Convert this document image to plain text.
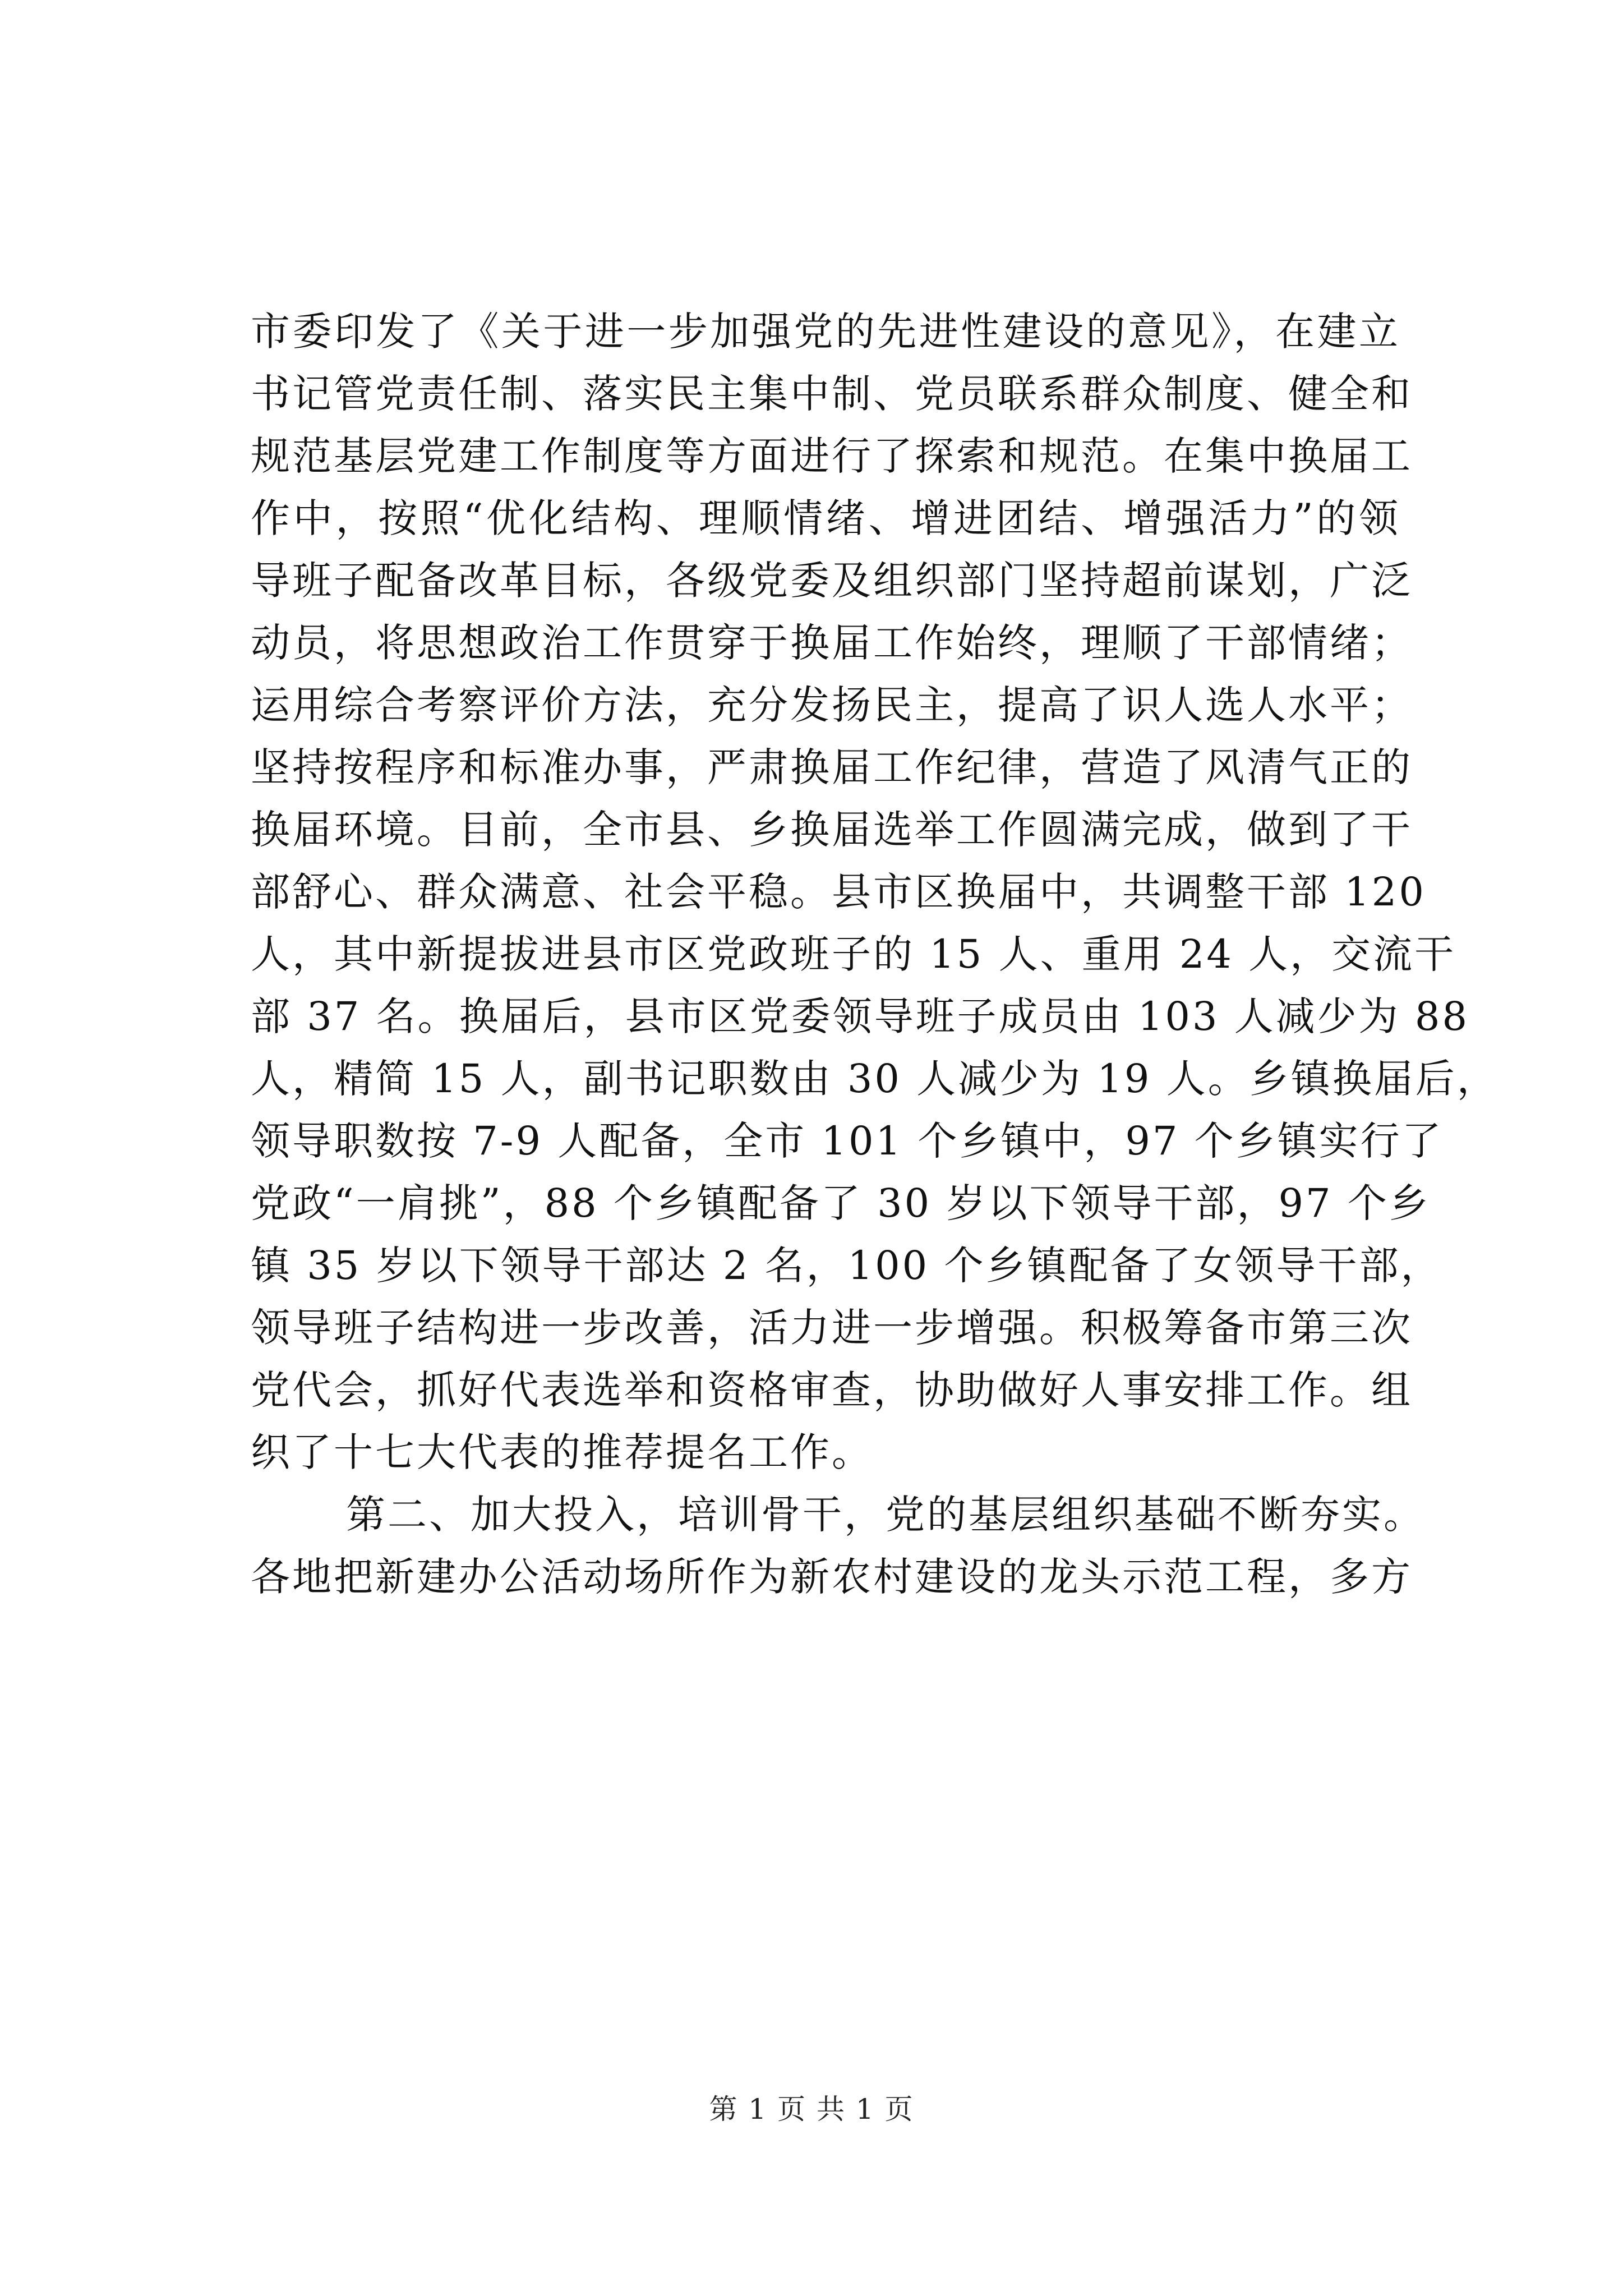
市委印发了《关于进一步加强党的先进性建设的意见》，在建立
书记管党责任制、落实民主集中制、党员联系群众制度、健全和
规范基层党建工作制度等方面进行了探索和规范。在集中换届工
作中，按照“优化结构、理顺情绪、增进团结、增强活力”的领
导班子配备改革目标，各级党委及组织部门坚持超前谋划，广泛
动员，将思想政治工作贯穿于换届工作始终，理顺了干部情绪；
运用综合考察评价方法，充分发扬民主，提高了识人选人水平；
坚持按程序和标准办事，严肃换届工作纪律，营造了风清气正的
换届环境。目前，全市县、乡换届选举工作圆满完成，做到了干
部舒心、群众满意、社会平稳。县市区换届中，共调整干部 120
人，其中新提拔进县市区党政班子的 15 人、重用 24 人，交流干
部 37 名。换届后，县市区党委领导班子成员由 103 人减少为 88
人，精简 15 人，副书记职数由 30 人减少为 19 人。乡镇换届后，
领导职数按 7-9 人配备，全市 101 个乡镇中，97 个乡镇实行了
党政“一肩挑”，88 个乡镇配备了 30 岁以下领导干部，97 个乡
镇 35 岁以下领导干部达 2 名，100 个乡镇配备了女领导干部，
领导班子结构进一步改善，活力进一步增强。积极筹备市第三次
党代会，抓好代表选举和资格审查，协助做好人事安排工作。组
织了十七大代表的推荐提名工作。
第二、加大投入，培训骨干，党的基层组织基础不断夯实。
各地把新建办公活动场所作为新农村建设的龙头示范工程，多方
第 1 页 共 1 页
